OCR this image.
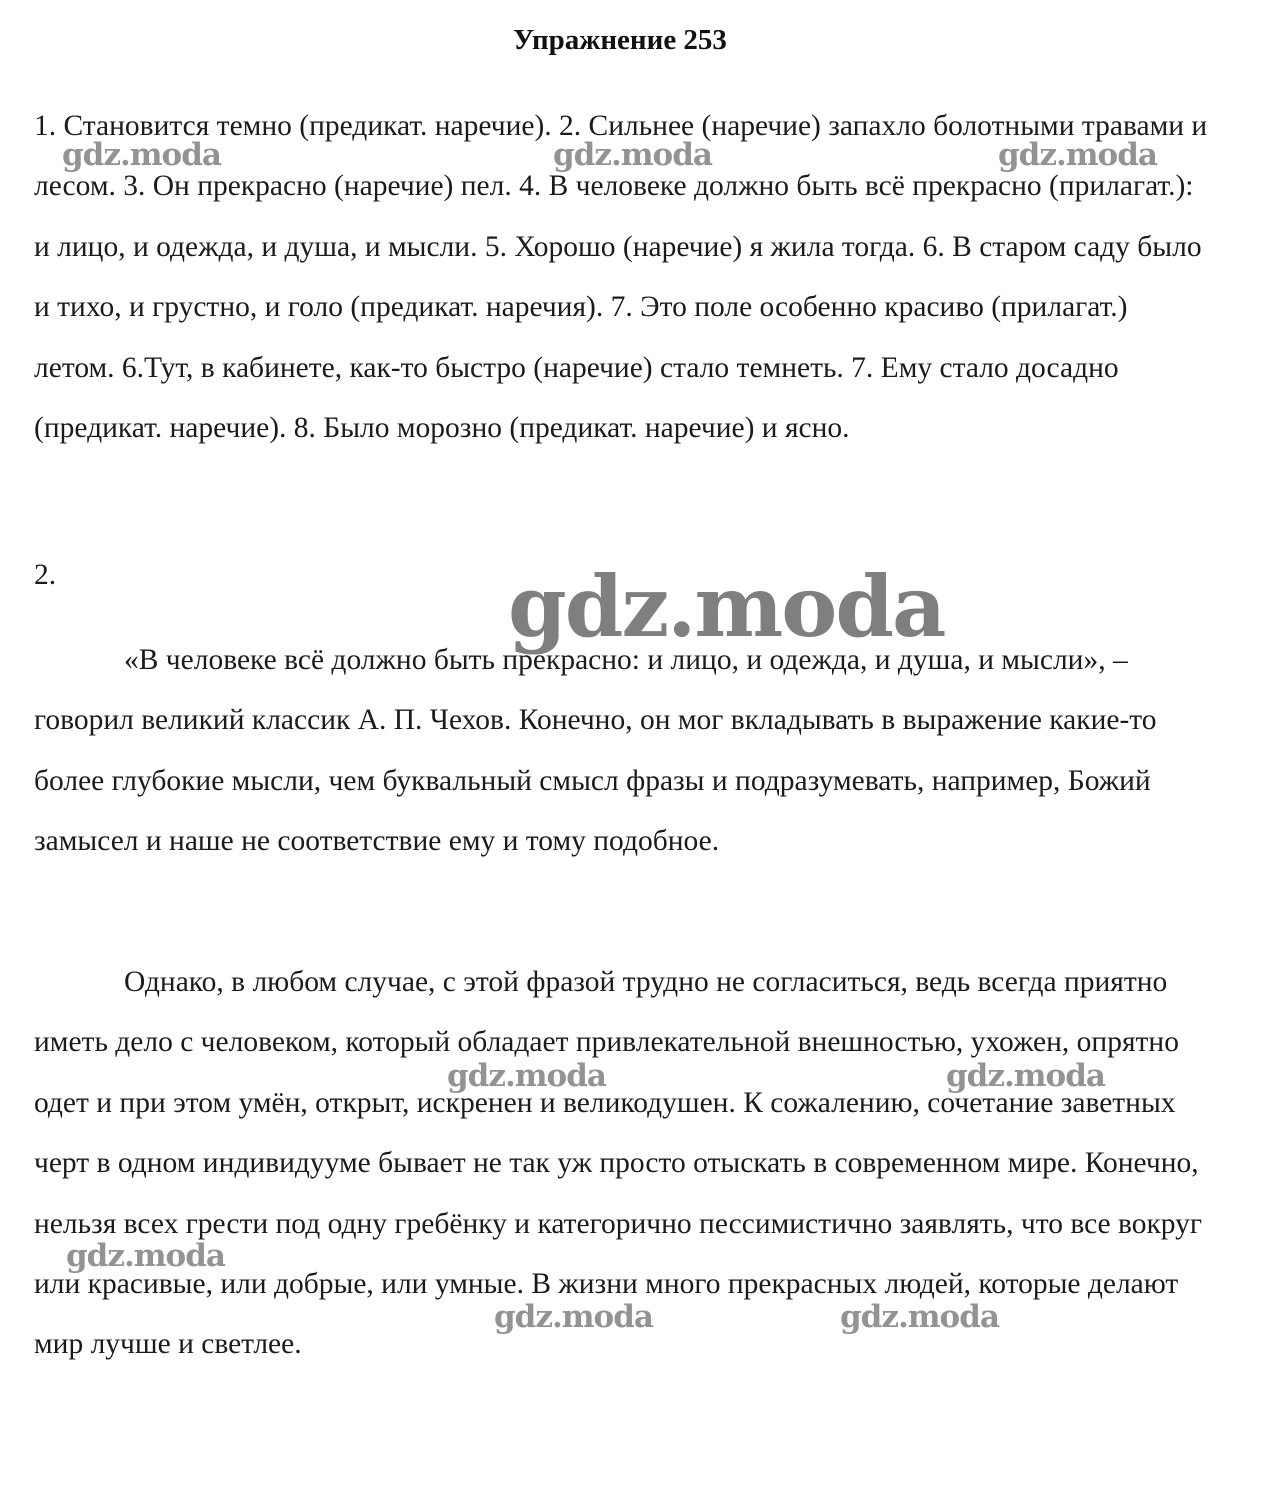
Упражнение 253

1. Становится темно (предикат. наречие). 2. Сильнее (наречие) запахло болотными травами и лесом. 3. Он прекрасно (наречие) пел. 4. В человеке должно быть всё прекрасно (прилагат.): и лицо, и одежда, и душа, и мысли. 5. Хорошо (наречие) я жила тогда. 6. В старом саду было и тихо, и грустно, и голо (предикат. наречия). 7. Это поле особенно красиво (прилагат.) летом. 6.Тут, в кабинете, как-то быстро (наречие) стало темнеть. 7. Ему стало досадно (предикат. наречие). 8. Было морозно (предикат. наречие) и ясно.

2.

«В человеке всё должно быть прекрасно: и лицо, и одежда, и душа, и мысли», – говорил великий классик А. П. Чехов. Конечно, он мог вкладывать в выражение какие-то более глубокие мысли, чем буквальный смысл фразы и подразумевать, например, Божий замысел и наше не соответствие ему и тому подобное.

Однако, в любом случае, с этой фразой трудно не согласиться, ведь всегда приятно иметь дело с человеком, который обладает привлекательной внешностью, ухожен, опрятно одет и при этом умён, открыт, искренен и великодушен. К сожалению, сочетание заветных черт в одном индивидууме бывает не так уж просто отыскать в современном мире. Конечно, нельзя всех грести под одну гребёнку и категорично пессимистично заявлять, что все вокруг или красивые, или добрые, или умные. В жизни много прекрасных людей, которые делают мир лучше и светлее.

gdz.moda	gdz.moda	gdz.moda
gdz.moda
gdz.moda	gdz.moda
gdz.moda
gdz.moda	gdz.moda
